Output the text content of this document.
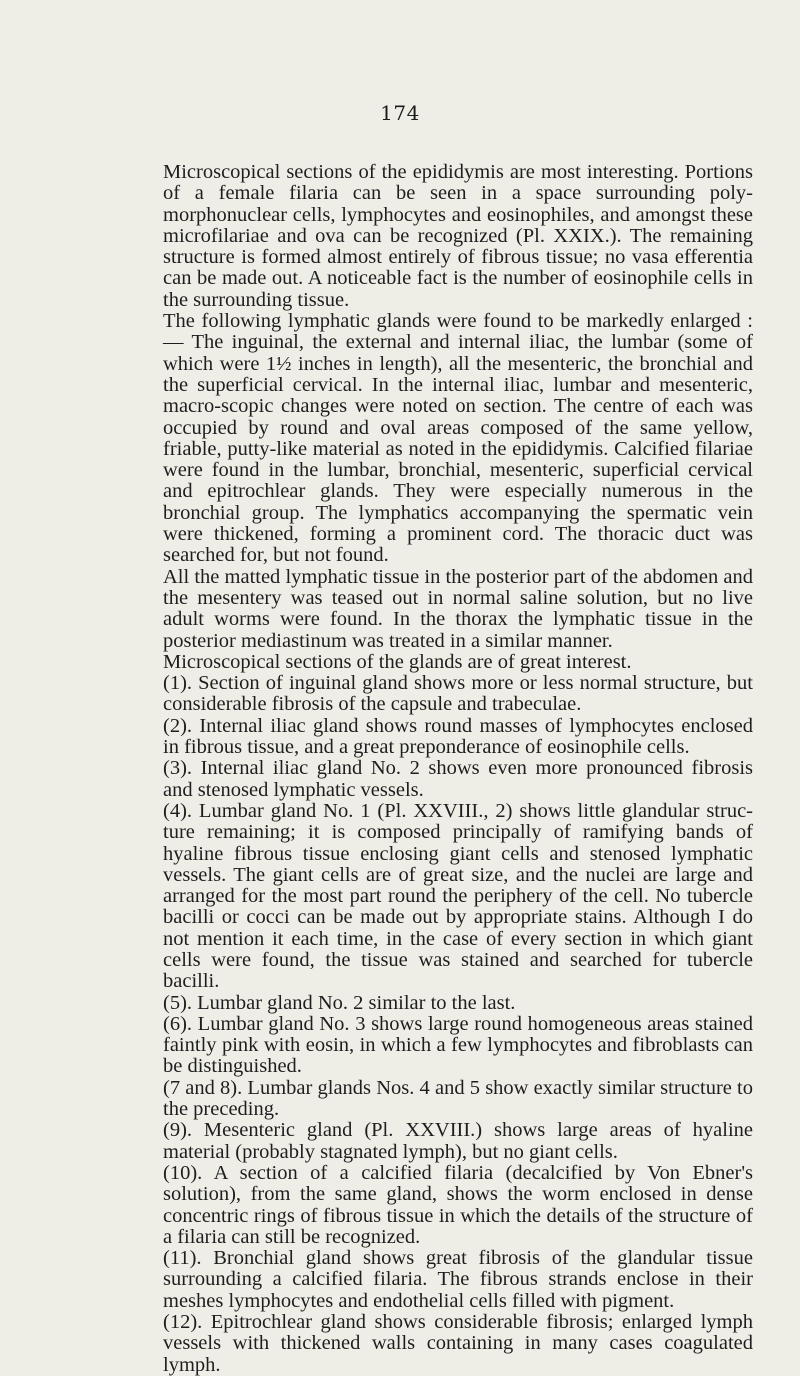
174

Microscopical sections of the epididymis are most interesting. Portions of a female filaria can be seen in a space surrounding poly-morphonuclear cells, lymphocytes and eosinophiles, and amongst these microfilariae and ova can be recognized (Pl. XXIX.). The remaining structure is formed almost entirely of fibrous tissue; no vasa efferentia can be made out. A noticeable fact is the number of eosinophile cells in the surrounding tissue.

The following lymphatic glands were found to be markedly enlarged :— The inguinal, the external and internal iliac, the lumbar (some of which were 1½ inches in length), all the mesenteric, the bronchial and the superficial cervical. In the internal iliac, lumbar and mesenteric, macro-scopic changes were noted on section. The centre of each was occupied by round and oval areas composed of the same yellow, friable, putty-like material as noted in the epididymis. Calcified filariae were found in the lumbar, bronchial, mesenteric, superficial cervical and epitrochlear glands. They were especially numerous in the bronchial group. The lymphatics accompanying the spermatic vein were thickened, forming a prominent cord. The thoracic duct was searched for, but not found.

All the matted lymphatic tissue in the posterior part of the abdomen and the mesentery was teased out in normal saline solution, but no live adult worms were found. In the thorax the lymphatic tissue in the posterior mediastinum was treated in a similar manner.

Microscopical sections of the glands are of great interest.

(1). Section of inguinal gland shows more or less normal structure, but considerable fibrosis of the capsule and trabeculae.

(2). Internal iliac gland shows round masses of lymphocytes enclosed in fibrous tissue, and a great preponderance of eosinophile cells.

(3). Internal iliac gland No. 2 shows even more pronounced fibrosis and stenosed lymphatic vessels.

(4). Lumbar gland No. 1 (Pl. XXVIII., 2) shows little glandular struc-ture remaining; it is composed principally of ramifying bands of hyaline fibrous tissue enclosing giant cells and stenosed lymphatic vessels. The giant cells are of great size, and the nuclei are large and arranged for the most part round the periphery of the cell. No tubercle bacilli or cocci can be made out by appropriate stains. Although I do not mention it each time, in the case of every section in which giant cells were found, the tissue was stained and searched for tubercle bacilli.

(5). Lumbar gland No. 2 similar to the last.

(6). Lumbar gland No. 3 shows large round homogeneous areas stained faintly pink with eosin, in which a few lymphocytes and fibroblasts can be distinguished.

(7 and 8). Lumbar glands Nos. 4 and 5 show exactly similar structure to the preceding.

(9). Mesenteric gland (Pl. XXVIII.) shows large areas of hyaline material (probably stagnated lymph), but no giant cells.

(10). A section of a calcified filaria (decalcified by Von Ebner's solution), from the same gland, shows the worm enclosed in dense concentric rings of fibrous tissue in which the details of the structure of a filaria can still be recognized.

(11). Bronchial gland shows great fibrosis of the glandular tissue surrounding a calcified filaria. The fibrous strands enclose in their meshes lymphocytes and endothelial cells filled with pigment.

(12). Epitrochlear gland shows considerable fibrosis; enlarged lymph vessels with thickened walls containing in many cases coagulated lymph.
